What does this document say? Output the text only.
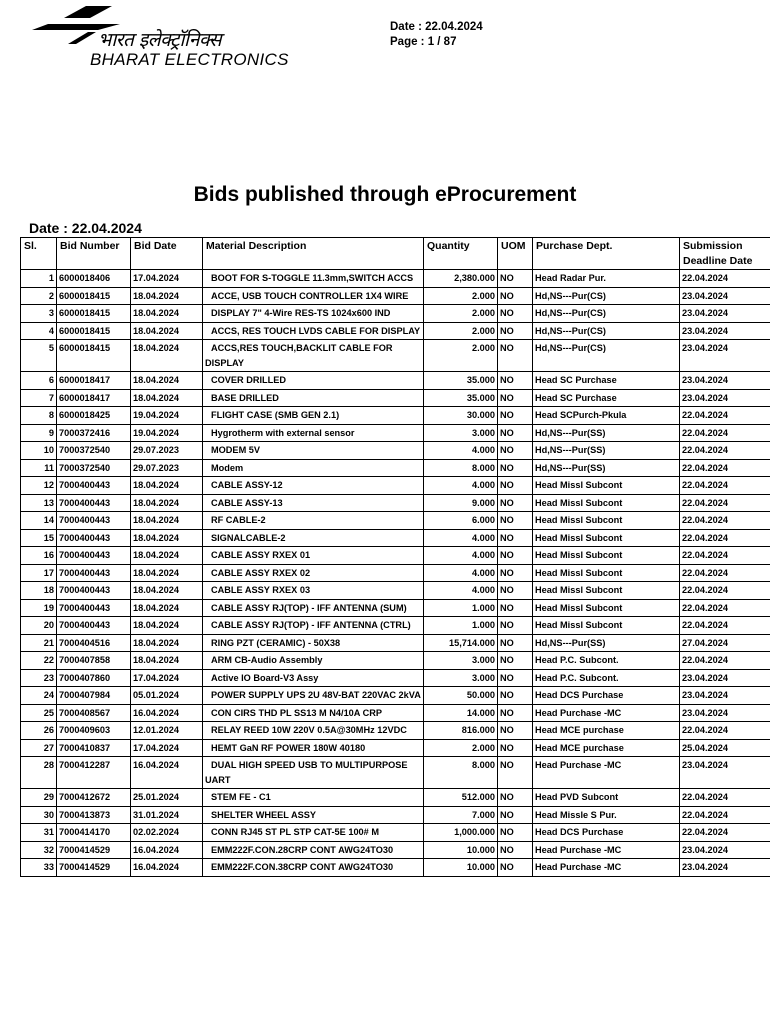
भारत इलेक्ट्रॉनिक्स
BHARAT ELECTRONICS
Date : 22.04.2024
Page : 1 / 87
Bids published through eProcurement
Date : 22.04.2024
Sl.	Bid Number	Bid Date	Material Description	Quantity	UOM	Purchase Dept.	Submission Deadline Date
1	6000018406	17.04.2024	BOOT FOR S-TOGGLE 11.3mm,SWITCH ACCS	2,380.000	NO	Head Radar Pur.	22.04.2024
2	6000018415	18.04.2024	ACCE, USB TOUCH CONTROLLER 1X4 WIRE	2.000	NO	Hd,NS---Pur(CS)	23.04.2024
3	6000018415	18.04.2024	DISPLAY 7" 4-Wire RES-TS 1024x600 IND	2.000	NO	Hd,NS---Pur(CS)	23.04.2024
4	6000018415	18.04.2024	ACCS, RES TOUCH LVDS CABLE FOR DISPLAY	2.000	NO	Hd,NS---Pur(CS)	23.04.2024
5	6000018415	18.04.2024	ACCS,RES TOUCH,BACKLIT CABLE FOR DISPLAY	2.000	NO	Hd,NS---Pur(CS)	23.04.2024
6	6000018417	18.04.2024	COVER DRILLED	35.000	NO	Head SC Purchase	23.04.2024
7	6000018417	18.04.2024	BASE DRILLED	35.000	NO	Head SC Purchase	23.04.2024
8	6000018425	19.04.2024	FLIGHT CASE (SMB GEN 2.1)	30.000	NO	Head SCPurch-Pkula	22.04.2024
9	7000372416	19.04.2024	Hygrotherm with external sensor	3.000	NO	Hd,NS---Pur(SS)	22.04.2024
10	7000372540	29.07.2023	MODEM 5V	4.000	NO	Hd,NS---Pur(SS)	22.04.2024
11	7000372540	29.07.2023	Modem	8.000	NO	Hd,NS---Pur(SS)	22.04.2024
12	7000400443	18.04.2024	CABLE ASSY-12	4.000	NO	Head Missl Subcont	22.04.2024
13	7000400443	18.04.2024	CABLE ASSY-13	9.000	NO	Head Missl Subcont	22.04.2024
14	7000400443	18.04.2024	RF CABLE-2	6.000	NO	Head Missl Subcont	22.04.2024
15	7000400443	18.04.2024	SIGNALCABLE-2	4.000	NO	Head Missl Subcont	22.04.2024
16	7000400443	18.04.2024	CABLE ASSY RXEX 01	4.000	NO	Head Missl Subcont	22.04.2024
17	7000400443	18.04.2024	CABLE ASSY RXEX 02	4.000	NO	Head Missl Subcont	22.04.2024
18	7000400443	18.04.2024	CABLE ASSY RXEX 03	4.000	NO	Head Missl Subcont	22.04.2024
19	7000400443	18.04.2024	CABLE ASSY RJ(TOP) - IFF ANTENNA (SUM)	1.000	NO	Head Missl Subcont	22.04.2024
20	7000400443	18.04.2024	CABLE ASSY RJ(TOP) - IFF ANTENNA (CTRL)	1.000	NO	Head Missl Subcont	22.04.2024
21	7000404516	18.04.2024	RING PZT (CERAMIC) - 50X38	15,714.000	NO	Hd,NS---Pur(SS)	27.04.2024
22	7000407858	18.04.2024	ARM CB-Audio Assembly	3.000	NO	Head P.C. Subcont.	22.04.2024
23	7000407860	17.04.2024	Active IO Board-V3 Assy	3.000	NO	Head P.C. Subcont.	23.04.2024
24	7000407984	05.01.2024	POWER SUPPLY UPS 2U 48V-BAT 220VAC 2kVA	50.000	NO	Head DCS Purchase	23.04.2024
25	7000408567	16.04.2024	CON CIRS THD PL SS13 M N4/10A CRP	14.000	NO	Head Purchase -MC	23.04.2024
26	7000409603	12.01.2024	RELAY REED 10W 220V 0.5A@30MHz 12VDC	816.000	NO	Head MCE purchase	22.04.2024
27	7000410837	17.04.2024	HEMT GaN RF POWER 180W 40180	2.000	NO	Head MCE purchase	25.04.2024
28	7000412287	16.04.2024	DUAL HIGH SPEED USB TO MULTIPURPOSE UART	8.000	NO	Head Purchase -MC	23.04.2024
29	7000412672	25.01.2024	STEM FE - C1	512.000	NO	Head PVD Subcont	22.04.2024
30	7000413873	31.01.2024	SHELTER WHEEL ASSY	7.000	NO	Head Missle S Pur.	22.04.2024
31	7000414170	02.02.2024	CONN RJ45 ST PL STP CAT-5E 100# M	1,000.000	NO	Head DCS Purchase	22.04.2024
32	7000414529	16.04.2024	EMM222F.CON.28CRP CONT AWG24TO30	10.000	NO	Head Purchase -MC	23.04.2024
33	7000414529	16.04.2024	EMM222F.CON.38CRP CONT AWG24TO30	10.000	NO	Head Purchase -MC	23.04.2024
